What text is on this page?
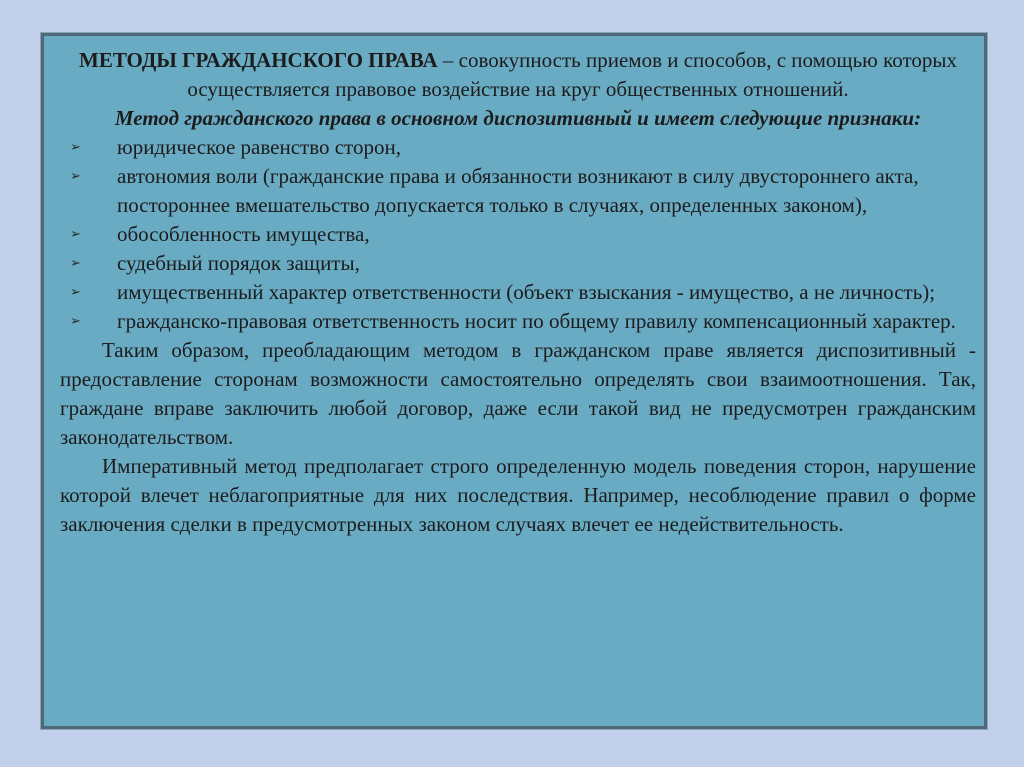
МЕТОДЫ ГРАЖДАНСКОГО ПРАВА – совокупность приемов и способов, с помощью которых осуществляется правовое воздействие на круг общественных отношений.

Метод гражданского права в основном диспозитивный и имеет следующие признаки:

➢ юридическое равенство сторон,
➢ автономия воли (гражданские права и обязанности возникают в силу двустороннего акта, постороннее вмешательство допускается только в случаях, определенных законом),
➢ обособленность имущества,
➢ судебный порядок защиты,
➢ имущественный характер ответственности (объект взыскания - имущество, а не личность);
➢ гражданско-правовая ответственность носит по общему правилу компенсационный характер.

Таким образом, преобладающим методом в гражданском праве является диспозитивный - предоставление сторонам возможности самостоятельно определять свои взаимоотношения. Так, граждане вправе заключить любой договор, даже если такой вид не предусмотрен гражданским законодательством.

Императивный метод предполагает строго определенную модель поведения сторон, нарушение которой влечет неблагоприятные для них последствия. Например, несоблюдение правил о форме заключения сделки в предусмотренных законом случаях влечет ее недействительность.
